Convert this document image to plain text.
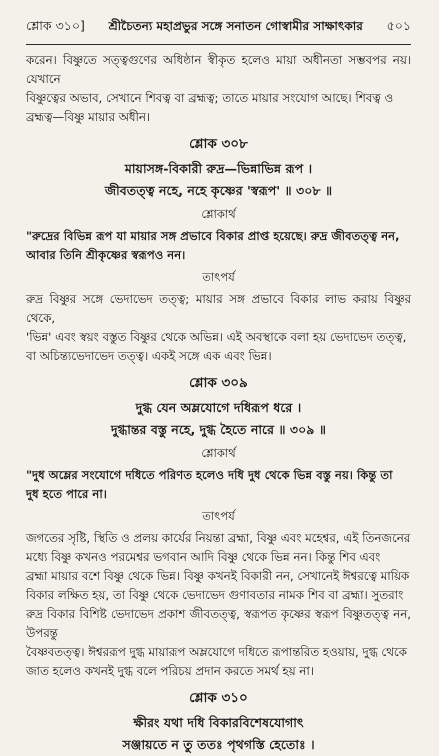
শ্লোক ৩১০]	শ্রীচৈতন্য মহাপ্রভুর সঙ্গে সনাতন গোস্বামীর সাক্ষাৎকার	৫০১

করেন। বিষ্ণুতে সত্ত্বগুণের অধিষ্ঠান স্বীকৃত হলেও মায়া অধীনতা সম্ভবপর নয়। যেখানে

বিষ্ণুত্বের অভাব, সেখানে শিবত্ব বা ব্রহ্মত্ব; তাতে মায়ার সংযোগ আছে। শিবত্ব ও

ব্রহ্মত্ব—বিষ্ণু মায়ার অধীন।

শ্লোক ৩০৮

মায়াসঙ্গ-বিকারী রুদ্র—ভিন্নাভিন্ন রূপ ।

জীবতত্ত্ব নহে, নহে কৃষ্ণের 'স্বরূপ' ॥ ৩০৮ ॥

শ্লোকার্থ

"রুদ্রের বিভিন্ন রূপ যা মায়ার সঙ্গ প্রভাবে বিকার প্রাপ্ত হয়েছে। রুদ্র জীবতত্ত্ব নন,

আবার তিনি শ্রীকৃষ্ণের স্বরূপও নন।

তাৎপর্য

রুদ্র বিষ্ণুর সঙ্গে ভেদাভেদ তত্ত্ব; মায়ার সঙ্গ প্রভাবে বিকার লাভ করায় বিষ্ণুর থেকে,

'ভিন্ন' এবং স্বয়ং বস্তুত বিষ্ণুর থেকে অভিন্ন। এই অবস্থাকে বলা হয় ভেদাভেদ তত্ত্ব,

বা অচিন্ত্যভেদাভেদ তত্ত্ব। একই সঙ্গে এক এবং ভিন্ন।

শ্লোক ৩০৯

দুগ্ধ যেন অম্লযোগে দধিরূপ ধরে ।

দুগ্ধান্তর বস্তু নহে, দুগ্ধ হৈতে নারে ॥ ৩০৯ ॥

শ্লোকার্থ

"দুধ অম্লের সংযোগে দধিতে পরিণত হলেও দধি দুধ থেকে ভিন্ন বস্তু নয়। কিন্তু তা

দুধ হতে পারে না।

তাৎপর্য

জগতের সৃষ্টি, স্থিতি ও প্রলয় কার্যের নিয়ন্তা ব্রহ্মা, বিষ্ণু এবং মহেশ্বর, এই তিনজনের

মধ্যে বিষ্ণু কখনও পরমেশ্বর ভগবান আদি বিষ্ণু থেকে ভিন্ন নন। কিন্তু শিব এবং

ব্রহ্মা মায়ার বশে বিষ্ণু থেকে ভিন্ন। বিষ্ণু কখনই বিকারী নন, সেখানেই ঈশ্বরত্বে মায়িক

বিকার লক্ষিত হয়, তা বিষ্ণু থেকে ভেদাভেদ গুণাবতার নামক শিব বা ব্রহ্মা। সুতরাং

রুদ্র বিকার বিশিষ্ট ভেদাভেদ প্রকাশ জীবতত্ত্ব, স্বরূপত কৃষ্ণের স্বরূপ বিষ্ণুতত্ত্ব নন, উপরন্তু

বৈষ্ণবতত্ত্ব। ঈশ্বররূপ দুগ্ধ মায়ারূপ অম্লযোগে দধিতে রূপান্তরিত হওয়ায়, দুগ্ধ থেকে

জাত হলেও কখনই দুগ্ধ বলে পরিচয় প্রদান করতে সমর্থ হয় না।

শ্লোক ৩১০

ক্ষীরং যথা দধি বিকারবিশেষযোগাৎ

সঞ্জায়তে ন তু ততঃ পৃথগস্তি হেতোঃ ।
